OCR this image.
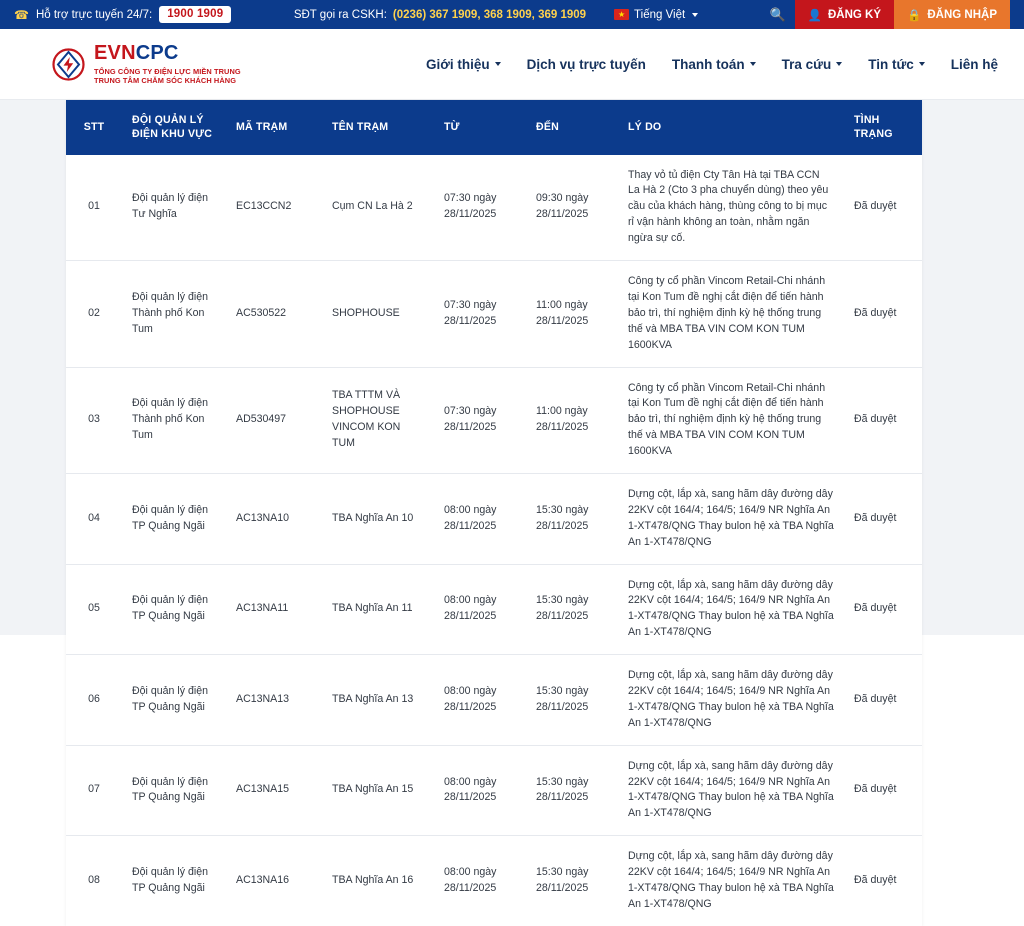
☎ Hỗ trợ trực tuyến 24/7:	1900 1909	SĐT gọi ra CSKH: (0236) 367 1909, 368 1909, 369 1909	★ Tiếng Việt	🔍	👤 ĐĂNG KÝ 🔒 ĐĂNG NHẬP
EVNCPC
TỔNG CÔNG TY ĐIỆN LỰC MIỀN TRUNG
TRUNG TÂM CHĂM SÓC KHÁCH HÀNG
Giới thiệu	Dịch vụ trực tuyến Thanh toán	Tra cứu	Tin tức	Liên hệ
STT	ĐỘI QUẢN LÝ ĐIỆN KHU VỰC	MÃ TRẠM	TÊN TRẠM	TỪ	ĐẾN	LÝ DO	TÌNH TRẠNG
01	Đội quản lý điện Tư Nghĩa	EC13CCN2	Cụm CN La Hà 2	07:30 ngày 28/11/2025	09:30 ngày 28/11/2025	Thay vỏ tủ điện Cty Tân Hà tại TBA CCN La Hà 2 (Cto 3 pha chuyển dùng) theo yêu cầu của khách hàng, thùng công to bị mục rỉ vận hành không an toàn, nhằm ngăn ngừa sự cố.	Đã duyệt
02	Đội quản lý điện Thành phố Kon Tum	AC530522	SHOPHOUSE	07:30 ngày 28/11/2025	11:00 ngày 28/11/2025	Công ty cổ phần Vincom Retail-Chi nhánh tại Kon Tum đề nghị cắt điện để tiến hành bảo trì, thí nghiệm định kỳ hệ thống trung thế và MBA TBA VIN COM KON TUM 1600KVA	Đã duyệt
03	Đội quản lý điện Thành phố Kon Tum	AD530497	TBA TTTM VÀ SHOPHOUSE VINCOM KON TUM	07:30 ngày 28/11/2025	11:00 ngày 28/11/2025	Công ty cổ phần Vincom Retail-Chi nhánh tại Kon Tum đề nghị cắt điện để tiến hành bảo trì, thí nghiệm định kỳ hệ thống trung thế và MBA TBA VIN COM KON TUM 1600KVA	Đã duyệt
04	Đội quản lý điện TP Quảng Ngãi	AC13NA10	TBA Nghĩa An 10	08:00 ngày 28/11/2025	15:30 ngày 28/11/2025	Dựng cột, lắp xà, sang hãm dây đường dây 22KV cột 164/4; 164/5; 164/9 NR Nghĩa An 1-XT478/QNG Thay bulon hệ xà TBA Nghĩa An 1-XT478/QNG	Đã duyệt
05	Đội quản lý điện TP Quảng Ngãi	AC13NA11	TBA Nghĩa An 11	08:00 ngày 28/11/2025	15:30 ngày 28/11/2025	Dựng cột, lắp xà, sang hãm dây đường dây 22KV cột 164/4; 164/5; 164/9 NR Nghĩa An 1-XT478/QNG Thay bulon hệ xà TBA Nghĩa An 1-XT478/QNG	Đã duyệt
06	Đội quản lý điện TP Quảng Ngãi	AC13NA13	TBA Nghĩa An 13	08:00 ngày 28/11/2025	15:30 ngày 28/11/2025	Dựng cột, lắp xà, sang hãm dây đường dây 22KV cột 164/4; 164/5; 164/9 NR Nghĩa An 1-XT478/QNG Thay bulon hệ xà TBA Nghĩa An 1-XT478/QNG	Đã duyệt
07	Đội quản lý điện TP Quảng Ngãi	AC13NA15	TBA Nghĩa An 15	08:00 ngày 28/11/2025	15:30 ngày 28/11/2025	Dựng cột, lắp xà, sang hãm dây đường dây 22KV cột 164/4; 164/5; 164/9 NR Nghĩa An 1-XT478/QNG Thay bulon hệ xà TBA Nghĩa An 1-XT478/QNG	Đã duyệt
08	Đội quản lý điện TP Quảng Ngãi	AC13NA16	TBA Nghĩa An 16	08:00 ngày 28/11/2025	15:30 ngày 28/11/2025	Dựng cột, lắp xà, sang hãm dây đường dây 22KV cột 164/4; 164/5; 164/9 NR Nghĩa An 1-XT478/QNG Thay bulon hệ xà TBA Nghĩa An 1-XT478/QNG	Đã duyệt
